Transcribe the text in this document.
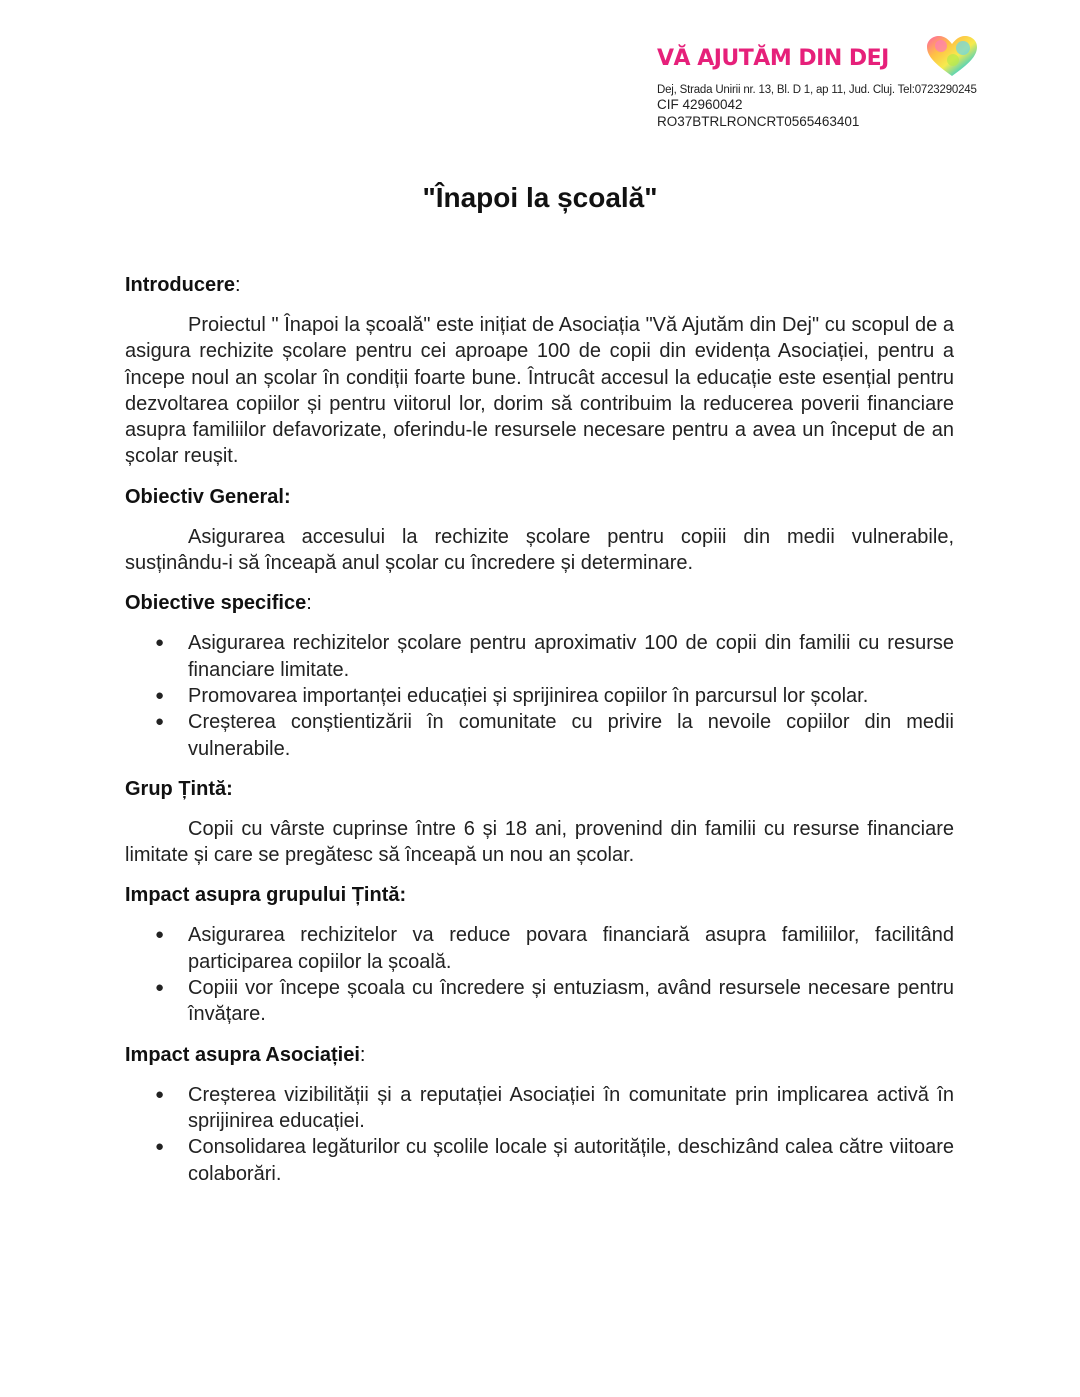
VĂ AJUTĂM DIN DEJ
Dej, Strada Unirii nr. 13, Bl. D 1, ap 11, Jud. Cluj. Tel:0723290245
CIF 42960042
RO37BTRLRONCRT0565463401
"Înapoi la școală"

Introducere:

Proiectul " Înapoi la școală" este inițiat de Asociația "Vă Ajutăm din Dej" cu scopul de a asigura rechizite școlare pentru cei aproape 100 de copii din evidența Asociației, pentru a începe noul an școlar în condiții foarte bune. Întrucât accesul la educație este esențial pentru dezvoltarea copiilor și pentru viitorul lor, dorim să contribuim la reducerea poverii financiare asupra familiilor defavorizate, oferindu-le resursele necesare pentru a avea un început de an școlar reușit.

Obiectiv General:

Asigurarea accesului la rechizite școlare pentru copiii din medii vulnerabile, susținându-i să înceapă anul școlar cu încredere și determinare.

Obiective specifice:

● Asigurarea rechizitelor școlare pentru aproximativ 100 de copii din familii cu resurse financiare limitate.
● Promovarea importanței educației și sprijinirea copiilor în parcursul lor școlar.
● Creșterea conștientizării în comunitate cu privire la nevoile copiilor din medii vulnerabile.

Grup Țintă:

Copii cu vârste cuprinse între 6 și 18 ani, provenind din familii cu resurse financiare limitate și care se pregătesc să înceapă un nou an școlar.

Impact asupra grupului Țintă:

● Asigurarea rechizitelor va reduce povara financiară asupra familiilor, facilitând participarea copiilor la școală.
● Copiii vor începe școala cu încredere și entuziasm, având resursele necesare pentru învățare.

Impact asupra Asociației:

● Creșterea vizibilității și a reputației Asociației în comunitate prin implicarea activă în sprijinirea educației.
● Consolidarea legăturilor cu școlile locale și autoritățile, deschizând calea către viitoare colaborări.
